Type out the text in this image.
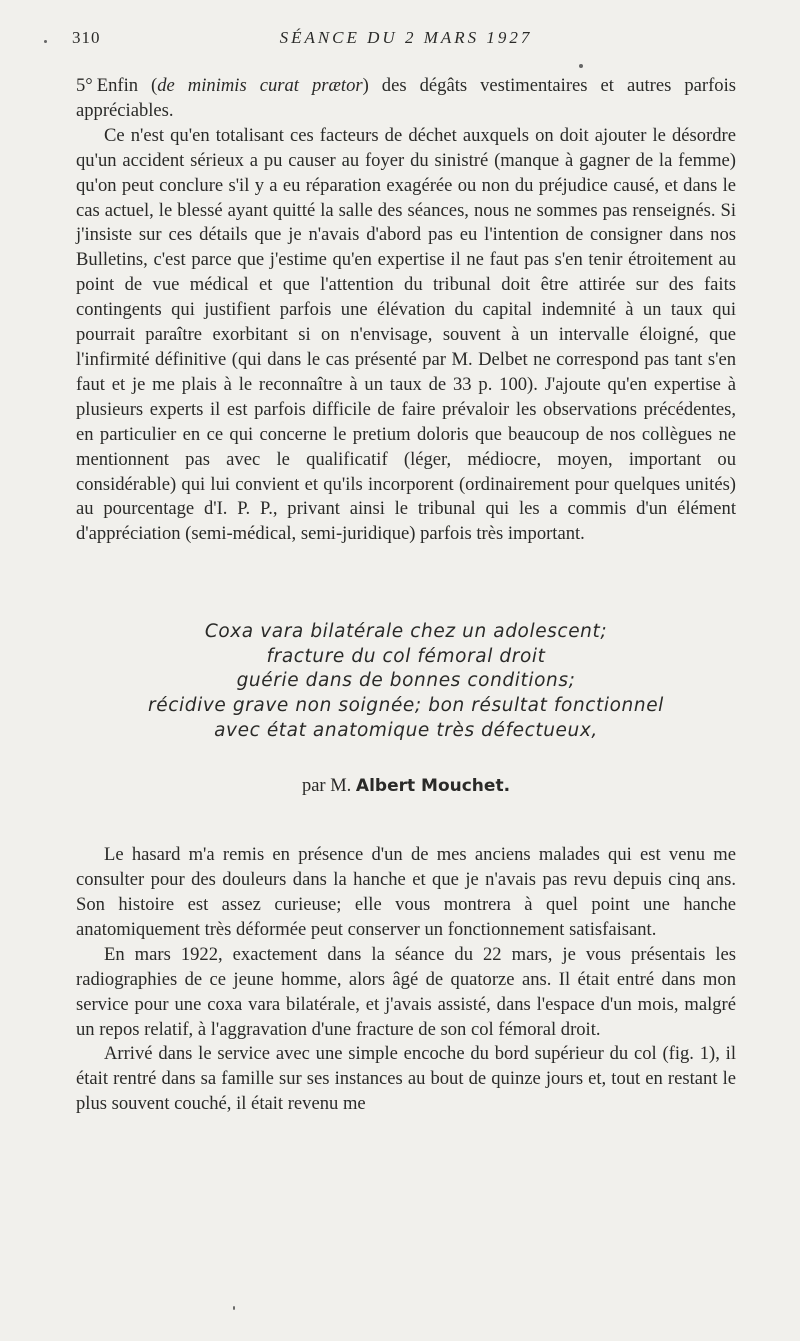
310	SÉANCE DU 2 MARS 1927

5° Enfin (de minimis curat prætor) des dégâts vestimentaires et autres parfois appréciables.

Ce n'est qu'en totalisant ces facteurs de déchet auxquels on doit ajouter le désordre qu'un accident sérieux a pu causer au foyer du sinistré (manque à gagner de la femme) qu'on peut conclure s'il y a eu réparation exagérée ou non du préjudice causé, et dans le cas actuel, le blessé ayant quitté la salle des séances, nous ne sommes pas renseignés. Si j'insiste sur ces détails que je n'avais d'abord pas eu l'intention de consigner dans nos Bulletins, c'est parce que j'estime qu'en expertise il ne faut pas s'en tenir étroitement au point de vue médical et que l'attention du tribunal doit être attirée sur des faits contingents qui justifient parfois une élévation du capital indemnité à un taux qui pourrait paraître exorbitant si on n'envisage, souvent à un intervalle éloigné, que l'infirmité définitive (qui dans le cas présenté par M. Delbet ne correspond pas tant s'en faut et je me plais à le reconnaître à un taux de 33 p. 100). J'ajoute qu'en expertise à plusieurs experts il est parfois difficile de faire prévaloir les observations précédentes, en particulier en ce qui concerne le pretium doloris que beaucoup de nos collègues ne mentionnent pas avec le qualificatif (léger, médiocre, moyen, important ou considérable) qui lui convient et qu'ils incorporent (ordinairement pour quelques unités) au pourcentage d'I. P. P., privant ainsi le tribunal qui les a commis d'un élément d'appréciation (semi-médical, semi-juridique) parfois très important.

Coxa vara bilatérale chez un adolescent;
fracture du col fémoral droit
guérie dans de bonnes conditions;
récidive grave non soignée; bon résultat fonctionnel
avec état anatomique très défectueux,
par M. Albert Mouchet.

Le hasard m'a remis en présence d'un de mes anciens malades qui est venu me consulter pour des douleurs dans la hanche et que je n'avais pas revu depuis cinq ans. Son histoire est assez curieuse; elle vous montrera à quel point une hanche anatomiquement très déformée peut conserver un fonctionnement satisfaisant.

En mars 1922, exactement dans la séance du 22 mars, je vous présentais les radiographies de ce jeune homme, alors âgé de quatorze ans. Il était entré dans mon service pour une coxa vara bilatérale, et j'avais assisté, dans l'espace d'un mois, malgré un repos relatif, à l'aggravation d'une fracture de son col fémoral droit.

Arrivé dans le service avec une simple encoche du bord supérieur du col (fig. 1), il était rentré dans sa famille sur ses instances au bout de quinze jours et, tout en restant le plus souvent couché, il était revenu me
